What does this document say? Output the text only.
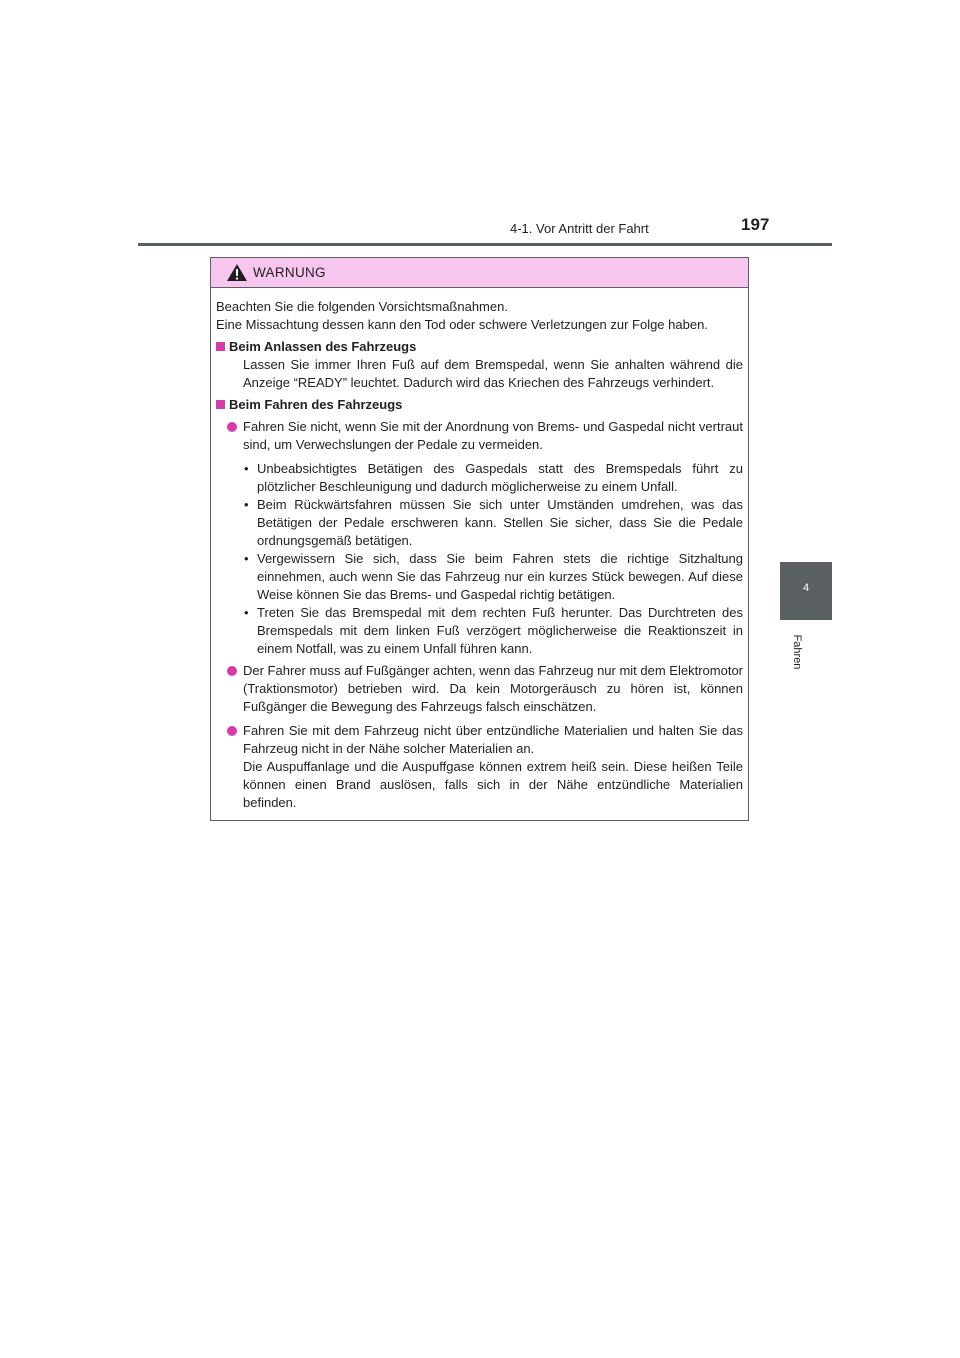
4-1. Vor Antritt der Fahrt	197
4
Fahren
WARNUNG

Beachten Sie die folgenden Vorsichtsmaßnahmen.

Eine Missachtung dessen kann den Tod oder schwere Verletzungen zur Folge haben.

Beim Anlassen des Fahrzeugs

Lassen Sie immer Ihren Fuß auf dem Bremspedal, wenn Sie anhalten während die Anzeige “READY” leuchtet. Dadurch wird das Kriechen des Fahrzeugs verhindert.

Beim Fahren des Fahrzeugs

Fahren Sie nicht, wenn Sie mit der Anordnung von Brems- und Gaspedal nicht vertraut sind, um Verwechslungen der Pedale zu vermeiden.

• Unbeabsichtigtes Betätigen des Gaspedals statt des Bremspedals führt zu plötzlicher Beschleunigung und dadurch möglicherweise zu einem Unfall.

• Beim Rückwärtsfahren müssen Sie sich unter Umständen umdrehen, was das Betätigen der Pedale erschweren kann. Stellen Sie sicher, dass Sie die Pedale ordnungsgemäß betätigen.

• Vergewissern Sie sich, dass Sie beim Fahren stets die richtige Sitzhaltung einnehmen, auch wenn Sie das Fahrzeug nur ein kurzes Stück bewegen. Auf diese Weise können Sie das Brems- und Gaspedal richtig betätigen.

• Treten Sie das Bremspedal mit dem rechten Fuß herunter. Das Durchtreten des Bremspedals mit dem linken Fuß verzögert möglicherweise die Reaktionszeit in einem Notfall, was zu einem Unfall führen kann.

Der Fahrer muss auf Fußgänger achten, wenn das Fahrzeug nur mit dem Elektromotor (Traktionsmotor) betrieben wird. Da kein Motorgeräusch zu hören ist, können Fußgänger die Bewegung des Fahrzeugs falsch einschätzen.

Fahren Sie mit dem Fahrzeug nicht über entzündliche Materialien und halten Sie das Fahrzeug nicht in der Nähe solcher Materialien an.

Die Auspuffanlage und die Auspuffgase können extrem heiß sein. Diese heißen Teile können einen Brand auslösen, falls sich in der Nähe entzündliche Materialien befinden.
